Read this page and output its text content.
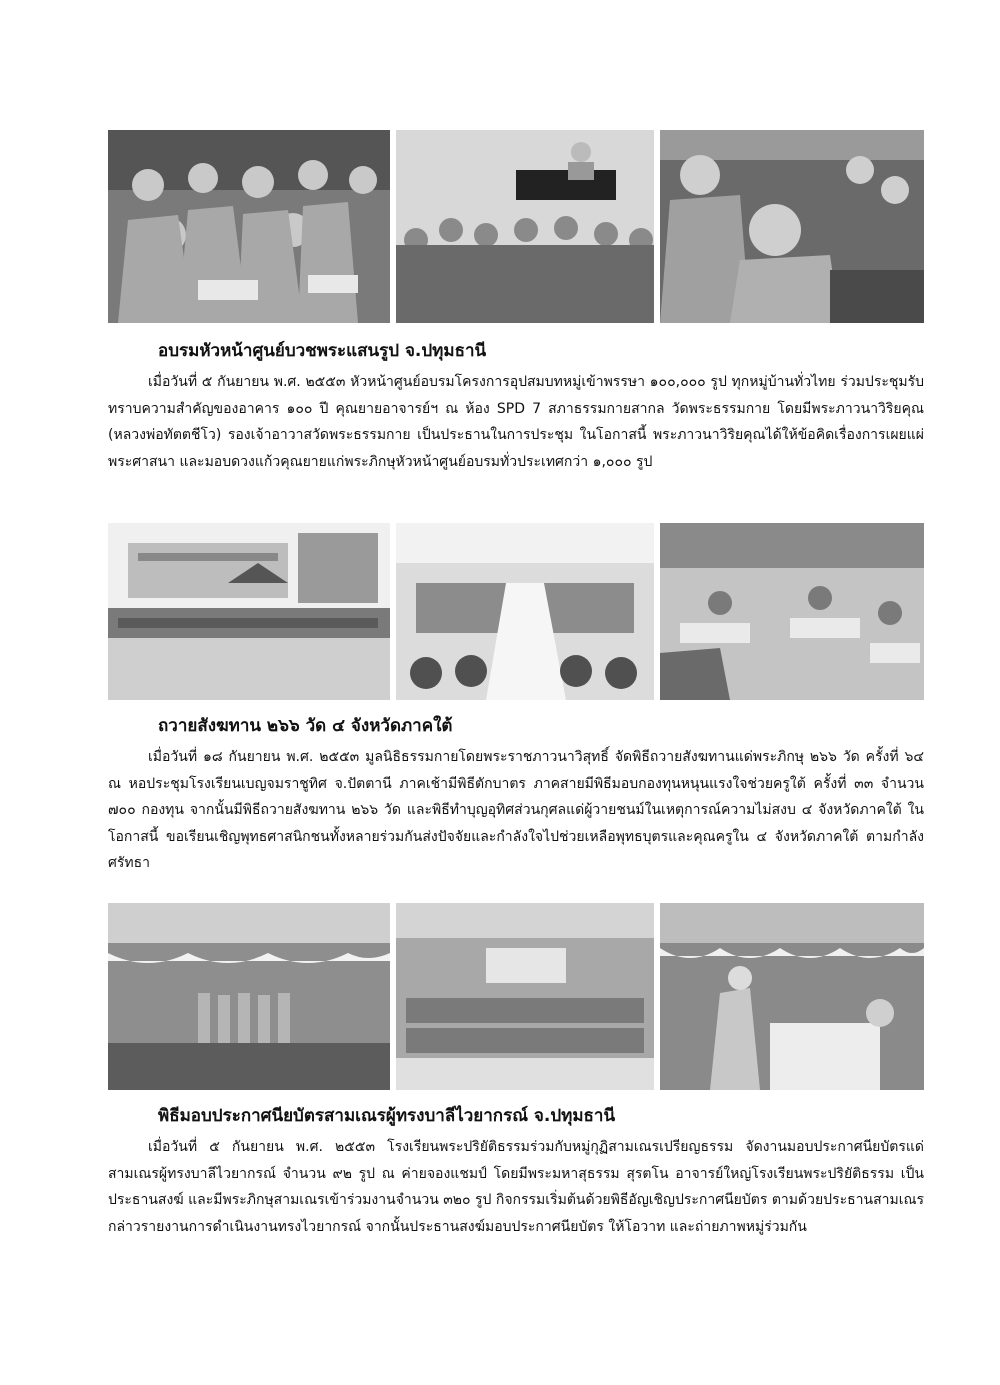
อบรมหัวหน้าศูนย์บวชพระแสนรูป จ.ปทุมธานี

เมื่อวันที่ ๕ กันยายน พ.ศ. ๒๕๕๓ หัวหน้าศูนย์อบรมโครงการอุปสมบทหมู่เข้าพรรษา ๑๐๐,๐๐๐ รูป ทุกหมู่บ้านทั่วไทย ร่วมประชุมรับทราบความสำคัญของอาคาร ๑๐๐ ปี คุณยายอาจารย์ฯ ณ ห้อง SPD 7 สภาธรรมกายสากล วัดพระธรรมกาย โดยมีพระภาวนาวิริยคุณ (หลวงพ่อทัตตชีโว) รองเจ้าอาวาสวัดพระธรรมกาย เป็นประธานในการประชุม ในโอกาสนี้ พระภาวนาวิริยคุณได้ให้ข้อคิดเรื่องการเผยแผ่พระศาสนา และมอบดวงแก้วคุณยายแก่พระภิกษุหัวหน้าศูนย์อบรมทั่วประเทศกว่า ๑,๐๐๐ รูป

ถวายสังฆทาน ๒๖๖ วัด ๔ จังหวัดภาคใต้

เมื่อวันที่ ๑๘ กันยายน พ.ศ. ๒๕๕๓ มูลนิธิธรรมกายโดยพระราชภาวนาวิสุทธิ์ จัดพิธีถวายสังฆทานแด่พระภิกษุ ๒๖๖ วัด ครั้งที่ ๖๔ ณ หอประชุมโรงเรียนเบญจมราชูทิศ จ.ปัตตานี ภาคเช้ามีพิธีตักบาตร ภาคสายมีพิธีมอบกองทุนหนุนแรงใจช่วยครูใต้ ครั้งที่ ๓๓ จำนวน ๗๐๐ กองทุน จากนั้นมีพิธีถวายสังฆทาน ๒๖๖ วัด และพิธีทำบุญอุทิศส่วนกุศลแด่ผู้วายชนม์ในเหตุการณ์ความไม่สงบ ๔ จังหวัดภาคใต้ ในโอกาสนี้ ขอเรียนเชิญพุทธศาสนิกชนทั้งหลายร่วมกันส่งปัจจัยและกำลังใจไปช่วยเหลือพุทธบุตรและคุณครูใน ๔ จังหวัดภาคใต้ ตามกำลังศรัทธา

พิธีมอบประกาศนียบัตรสามเณรผู้ทรงบาลีไวยากรณ์ จ.ปทุมธานี

เมื่อวันที่ ๕ กันยายน พ.ศ. ๒๕๕๓ โรงเรียนพระปริยัติธรรมร่วมกับหมู่กุฏิสามเณรเปรียญธรรม จัดงานมอบประกาศนียบัตรแด่สามเณรผู้ทรงบาลีไวยากรณ์ จำนวน ๙๒ รูป ณ ค่ายจองแชมป์ โดยมีพระมหาสุธรรม สุรตโน อาจารย์ใหญ่โรงเรียนพระปริยัติธรรม เป็นประธานสงฆ์ และมีพระภิกษุสามเณรเข้าร่วมงานจำนวน ๓๒๐ รูป กิจกรรมเริ่มต้นด้วยพิธีอัญเชิญประกาศนียบัตร ตามด้วยประธานสามเณรกล่าวรายงานการดำเนินงานทรงไวยากรณ์ จากนั้นประธานสงฆ์มอบประกาศนียบัตร ให้โอวาท และถ่ายภาพหมู่ร่วมกัน
